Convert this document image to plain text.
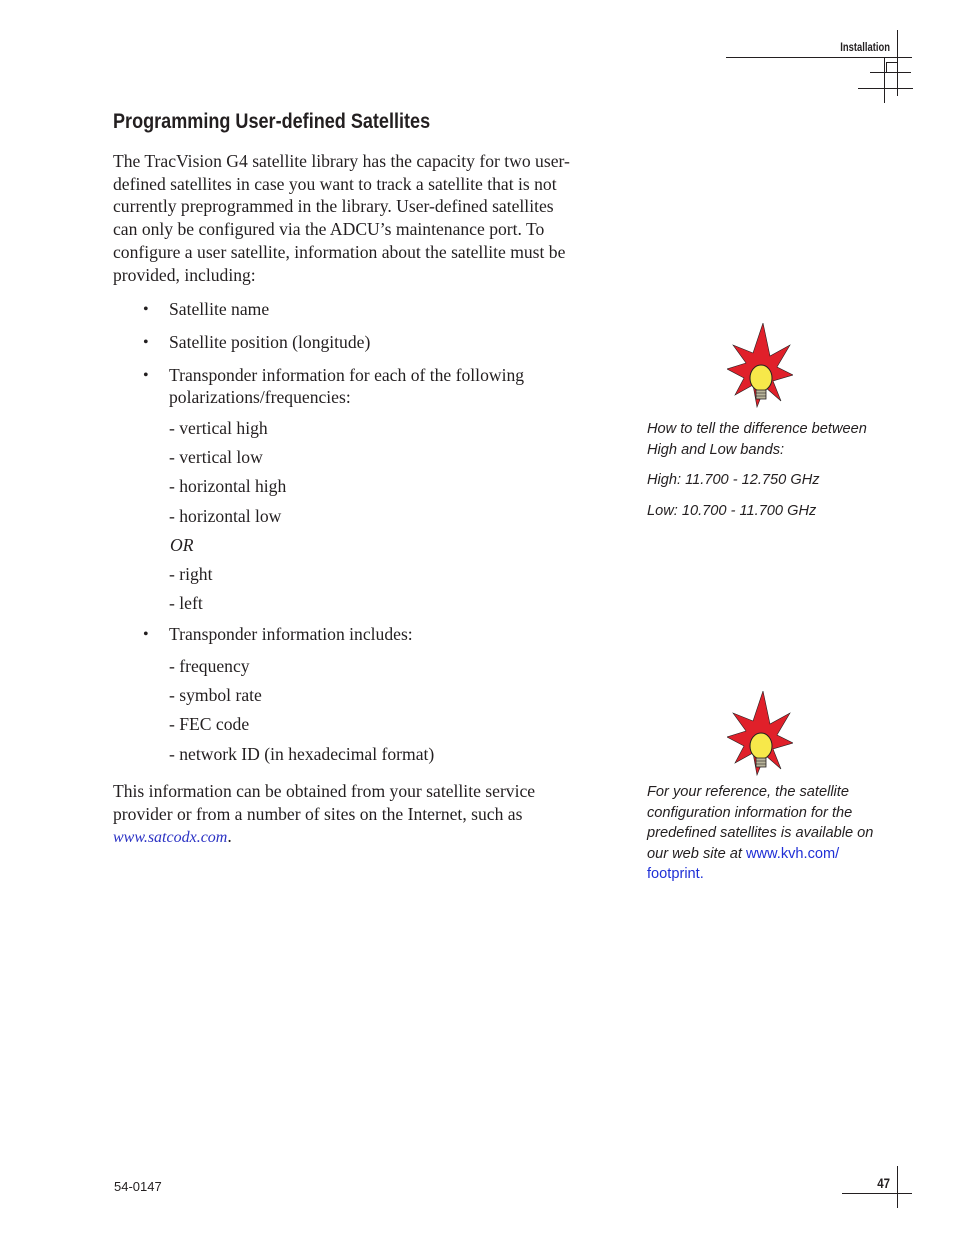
Installation
Programming User-defined Satellites
The TracVision G4 satellite library has the capacity for two user-
defined satellites in case you want to track a satellite that is not
currently preprogrammed in the library. User-defined satellites
can only be configured via the ADCU’s maintenance port. To
configure a user satellite, information about the satellite must be
provided, including:
• Satellite name
• Satellite position (longitude)
• Transponder information for each of the following polarizations/frequencies:
- vertical high
- vertical low
- horizontal high
- horizontal low
OR
- right
- left
• Transponder information includes:
- frequency
- symbol rate
- FEC code
- network ID (in hexadecimal format)
This information can be obtained from your satellite service
provider or from a number of sites on the Internet, such as
www.satcodx.com.
How to tell the difference between
High and Low bands:
High: 11.700 - 12.750 GHz
Low: 10.700 - 11.700 GHz
For your reference, the satellite
configuration information for the
predefined satellites is available on
our web site at www.kvh.com/
footprint.
54-0147	47
